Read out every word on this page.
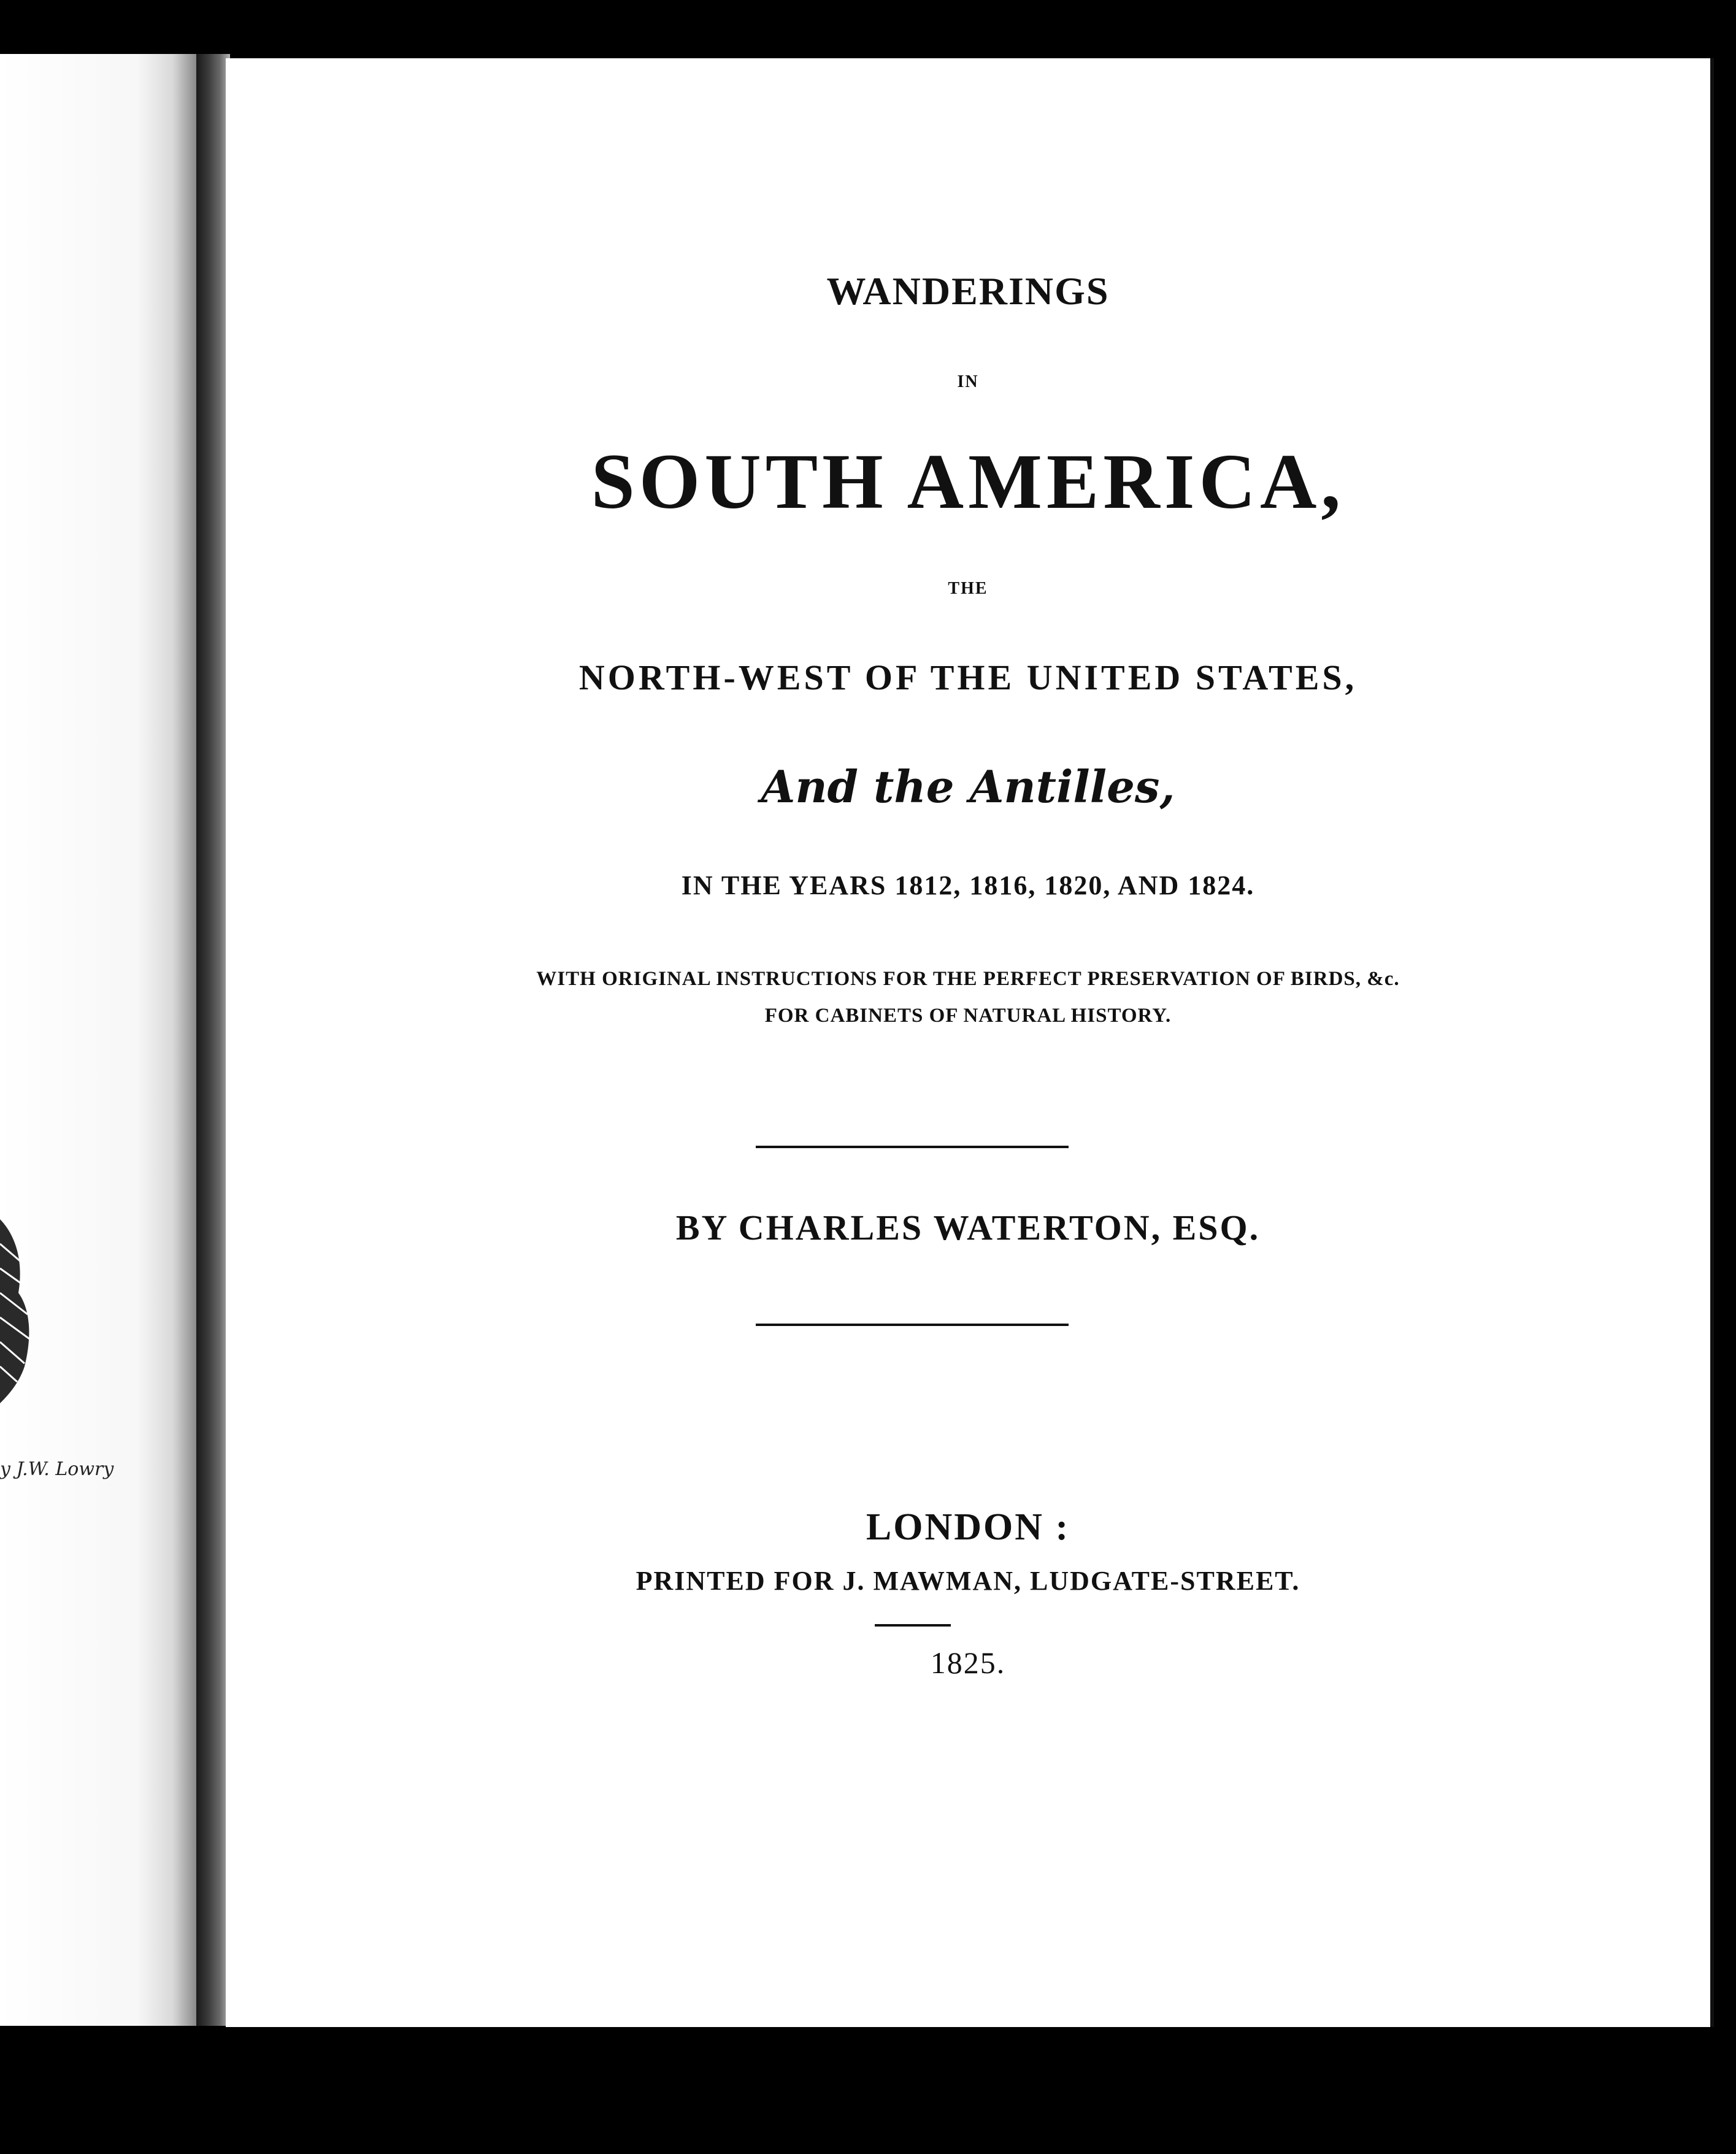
y J.W. Lowry
WANDERINGS
IN
SOUTH AMERICA,
THE
NORTH-WEST OF THE UNITED STATES,
And the Antilles,
IN THE YEARS 1812, 1816, 1820, AND 1824.
WITH ORIGINAL INSTRUCTIONS FOR THE PERFECT PRESERVATION OF BIRDS, &c.
FOR CABINETS OF NATURAL HISTORY.
BY CHARLES WATERTON, ESQ.
LONDON :
PRINTED FOR J. MAWMAN, LUDGATE-STREET.
1825.
